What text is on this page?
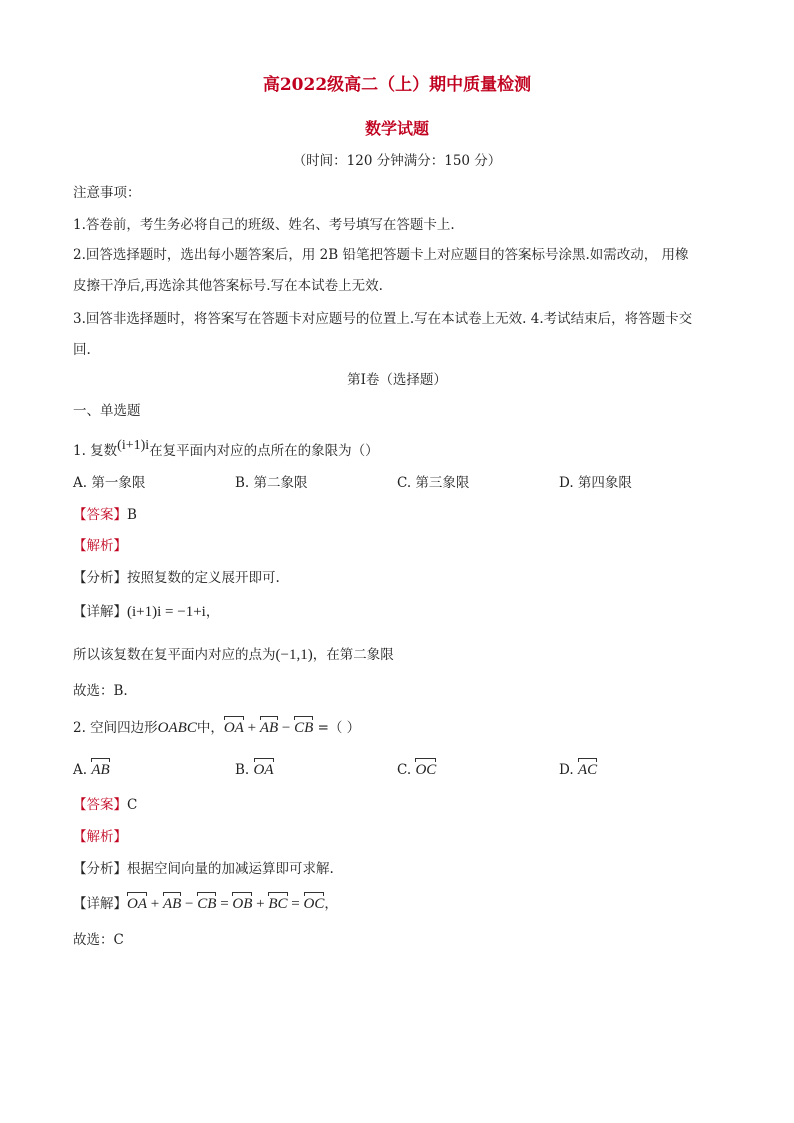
高2022级高二（上）期中质量检测
数学试题
（时间：120 分钟满分：150 分）
注意事项：
1.答卷前，考生务必将自己的班级、姓名、考号填写在答题卡上.
2.回答选择题时，选出每小题答案后，用 2B 铅笔把答题卡上对应题目的答案标号涂黑.如需改动， 用橡
皮擦干净后,再选涂其他答案标号.写在本试卷上无效.
3.回答非选择题时，将答案写在答题卡对应题号的位置上.写在本试卷上无效. 4.考试结束后，将答题卡交
回.
第Ⅰ卷（选择题）
一、单选题
1. 复数(i+1)i在复平面内对应的点所在的象限为（）
A. 第一象限	B. 第二象限	C. 第三象限	D. 第四象限
【答案】B
【解析】
【分析】按照复数的定义展开即可.
【详解】(i+1)i = −1+i，
所以该复数在复平面内对应的点为(−1,1)，在第二象限
故选：B.
2. 空间四边形OABC中，OA + AB − CB =（ ）
A. AB	B. OA	C. OC	D. AC
【答案】C
【解析】
【分析】根据空间向量的加减运算即可求解.
【详解】OA + AB − CB = OB + BC = OC，
故选：C
